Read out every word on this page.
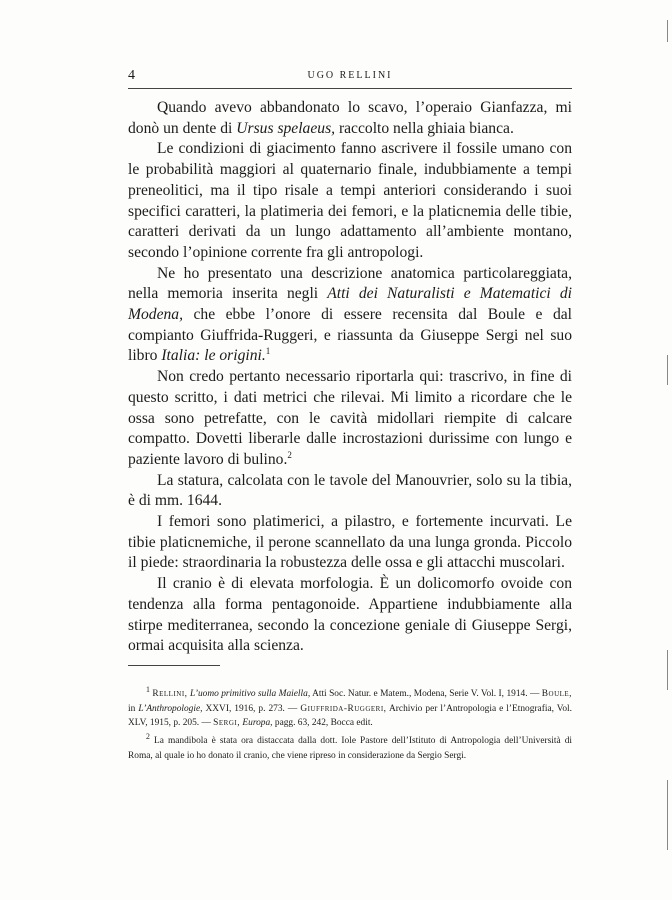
4	UGO RELLINI

Quando avevo abbandonato lo scavo, l’operaio Gianfazza, mi donò un dente di Ursus spelaeus, raccolto nella ghiaia bianca.

Le condizioni di giacimento fanno ascrivere il fossile umano con le probabilità maggiori al quaternario finale, indubbiamente a tempi preneolitici, ma il tipo risale a tempi anteriori considerando i suoi specifici caratteri, la platimeria dei femori, e la platicnemia delle tibie, caratteri derivati da un lungo adattamento all’ambiente montano, secondo l’opinione corrente fra gli antropologi.

Ne ho presentato una descrizione anatomica particolareggiata, nella memoria inserita negli Atti dei Naturalisti e Matematici di Modena, che ebbe l’onore di essere recensita dal Boule e dal compianto Giuffrida-Ruggeri, e riassunta da Giuseppe Sergi nel suo libro Italia: le origini.$^1$

Non credo pertanto necessario riportarla qui: trascrivo, in fine di questo scritto, i dati metrici che rilevai. Mi limito a ricordare che le ossa sono petrefatte, con le cavità midollari riempite di calcare compatto. Dovetti liberarle dalle incrostazioni durissime con lungo e paziente lavoro di bulino.$^2$

La statura, calcolata con le tavole del Manouvrier, solo su la tibia, è di mm. 1644.

I femori sono platimerici, a pilastro, e fortemente incurvati. Le tibie platicnemiche, il perone scannellato da una lunga gronda. Piccolo il piede: straordinaria la robustezza delle ossa e gli attacchi muscolari.

Il cranio è di elevata morfologia. È un dolicomorfo ovoide con tendenza alla forma pentagonoide. Appartiene indubbiamente alla stirpe mediterranea, secondo la concezione geniale di Giuseppe Sergi, ormai acquisita alla scienza.

$^1$ Rellini, L’uomo primitivo sulla Maiella, Atti Soc. Natur. e Matem., Modena, Serie V. Vol. I, 1914. — Boule, in L’Anthropologie, XXVI, 1916, p. 273. — Giuffrida-Ruggeri, Archivio per l’Antropologia e l’Etnografia, Vol. XLV, 1915, p. 205. — Sergi, Europa, pagg. 63, 242, Bocca edit.

$^2$ La mandibola è stata ora distaccata dalla dott. Iole Pastore dell’Istituto di Antropologia dell’Università di Roma, al quale io ho donato il cranio, che viene ripreso in considerazione da Sergio Sergi.
